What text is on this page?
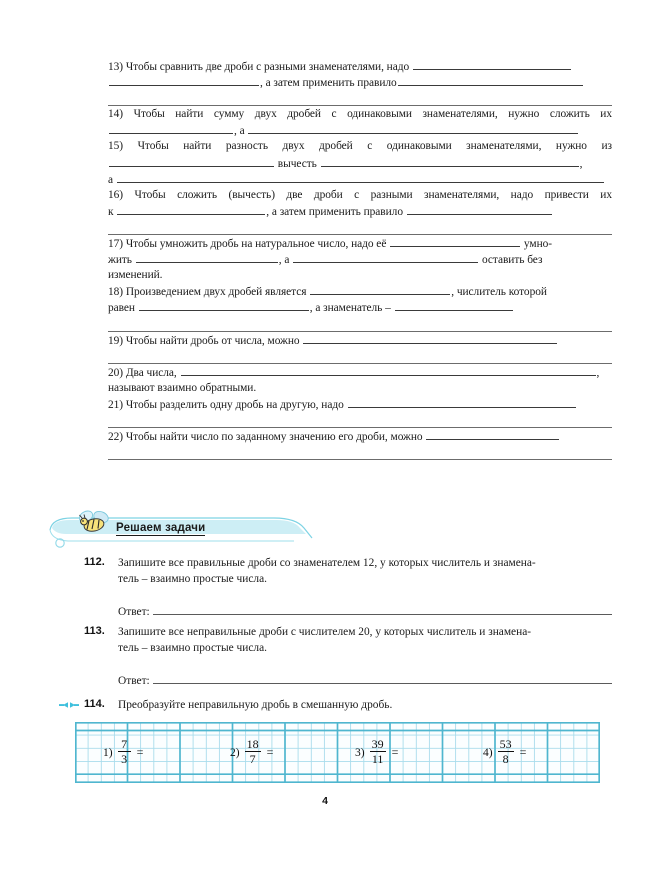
13) Чтобы сравнить две дроби с разными знаменателями, надо
, а затем применить правило
14) Чтобы найти сумму двух дробей с одинаковыми знаменателями, нужно сложить их
, а
15) Чтобы найти разность двух дробей с одинаковыми знаменателями, нужно из
вычесть	,
а
16) Чтобы сложить (вычесть) две дроби с разными знаменателями, надо привести их
к	, а затем применить правило
17) Чтобы умножить дробь на натуральное число, надо её	умно-
жить	, а	оставить без
изменений.
18) Произведением двух дробей является	, числитель которой
равен	, а знаменатель –
19) Чтобы найти дробь от числа, можно
20) Два числа,	,
называют взаимно обратными.
21) Чтобы разделить одну дробь на другую, надо
22) Чтобы найти число по заданному значению его дроби, можно
Решаем задачи
112.	Запишите все правильные дроби со знаменателем 12, у которых числитель и знамена-

тель – взаимно простые числа.

Ответ:
113.	Запишите все неправильные дроби с числителем 20, у которых числитель и знамена-

тель – взаимно простые числа.

Ответ:
114.	Преобразуйте неправильную дробь в смешанную дробь.

$1) \frac{7}{3}$ =	$2) \frac{18}{7}$ =	$3) \frac{39}{11}$ =	$4) \frac{53}{8}$ =
4
